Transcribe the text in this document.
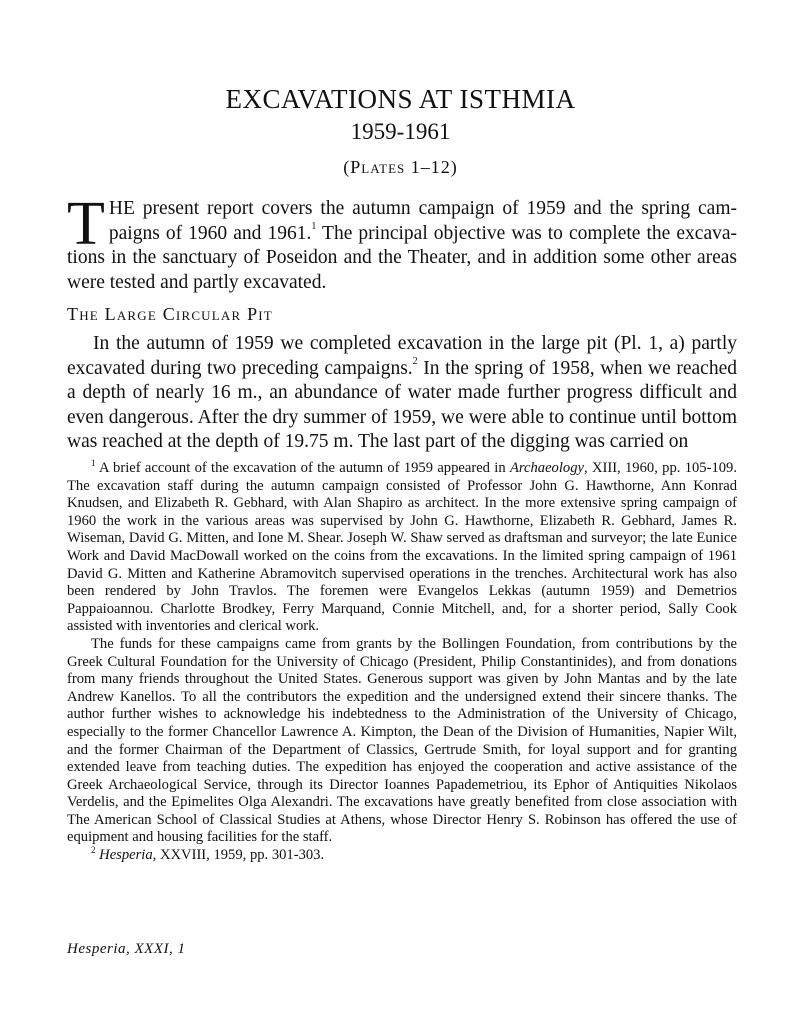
EXCAVATIONS AT ISTHMIA
1959-1961
(Plates 1–12)

THE present report covers the autumn campaign of 1959 and the spring cam- paigns of 1960 and 1961.$^1$ The principal objective was to complete the excava- tions in the sanctuary of Poseidon and the Theater, and in addition some other areas were tested and partly excavated.

The Large Circular Pit

In the autumn of 1959 we completed excavation in the large pit (Pl. 1, a) partly excavated during two preceding campaigns.$^2$ In the spring of 1958, when we reached a depth of nearly 16 m., an abundance of water made further progress difficult and even dangerous. After the dry summer of 1959, we were able to continue until bottom was reached at the depth of 19.75 m. The last part of the digging was carried on

$^1$ A brief account of the excavation of the autumn of 1959 appeared in Archaeology, XIII, 1960, pp. 105-109. The excavation staff during the autumn campaign consisted of Professor John G. Hawthorne, Ann Konrad Knudsen, and Elizabeth R. Gebhard, with Alan Shapiro as architect. In the more extensive spring campaign of 1960 the work in the various areas was supervised by John G. Hawthorne, Elizabeth R. Gebhard, James R. Wiseman, David G. Mitten, and Ione M. Shear. Joseph W. Shaw served as draftsman and surveyor; the late Eunice Work and David MacDowall worked on the coins from the excavations. In the limited spring campaign of 1961 David G. Mitten and Katherine Abramovitch supervised operations in the trenches. Architectural work has also been rendered by John Travlos. The foremen were Evangelos Lekkas (autumn 1959) and Demetrios Pappaioannou. Charlotte Brodkey, Ferry Marquand, Connie Mitchell, and, for a shorter period, Sally Cook assisted with inventories and clerical work.

The funds for these campaigns came from grants by the Bollingen Foundation, from contributions by the Greek Cultural Foundation for the University of Chicago (President, Philip Constantinides), and from donations from many friends throughout the United States. Generous support was given by John Mantas and by the late Andrew Kanellos. To all the contributors the expedition and the undersigned extend their sincere thanks. The author further wishes to acknowledge his indebtedness to the Administration of the University of Chicago, especially to the former Chancellor Lawrence A. Kimpton, the Dean of the Division of Humanities, Napier Wilt, and the former Chairman of the Department of Classics, Gertrude Smith, for loyal support and for granting extended leave from teaching duties. The expedition has enjoyed the cooperation and active assistance of the Greek Archaeological Service, through its Director Ioannes Papademetriou, its Ephor of Antiquities Nikolaos Verdelis, and the Epimelites Olga Alexandri. The excavations have greatly benefited from close association with The American School of Classical Studies at Athens, whose Director Henry S. Robinson has offered the use of equipment and housing facilities for the staff.

$^2$ Hesperia, XXVIII, 1959, pp. 301-303.

Hesperia, XXXI, 1
